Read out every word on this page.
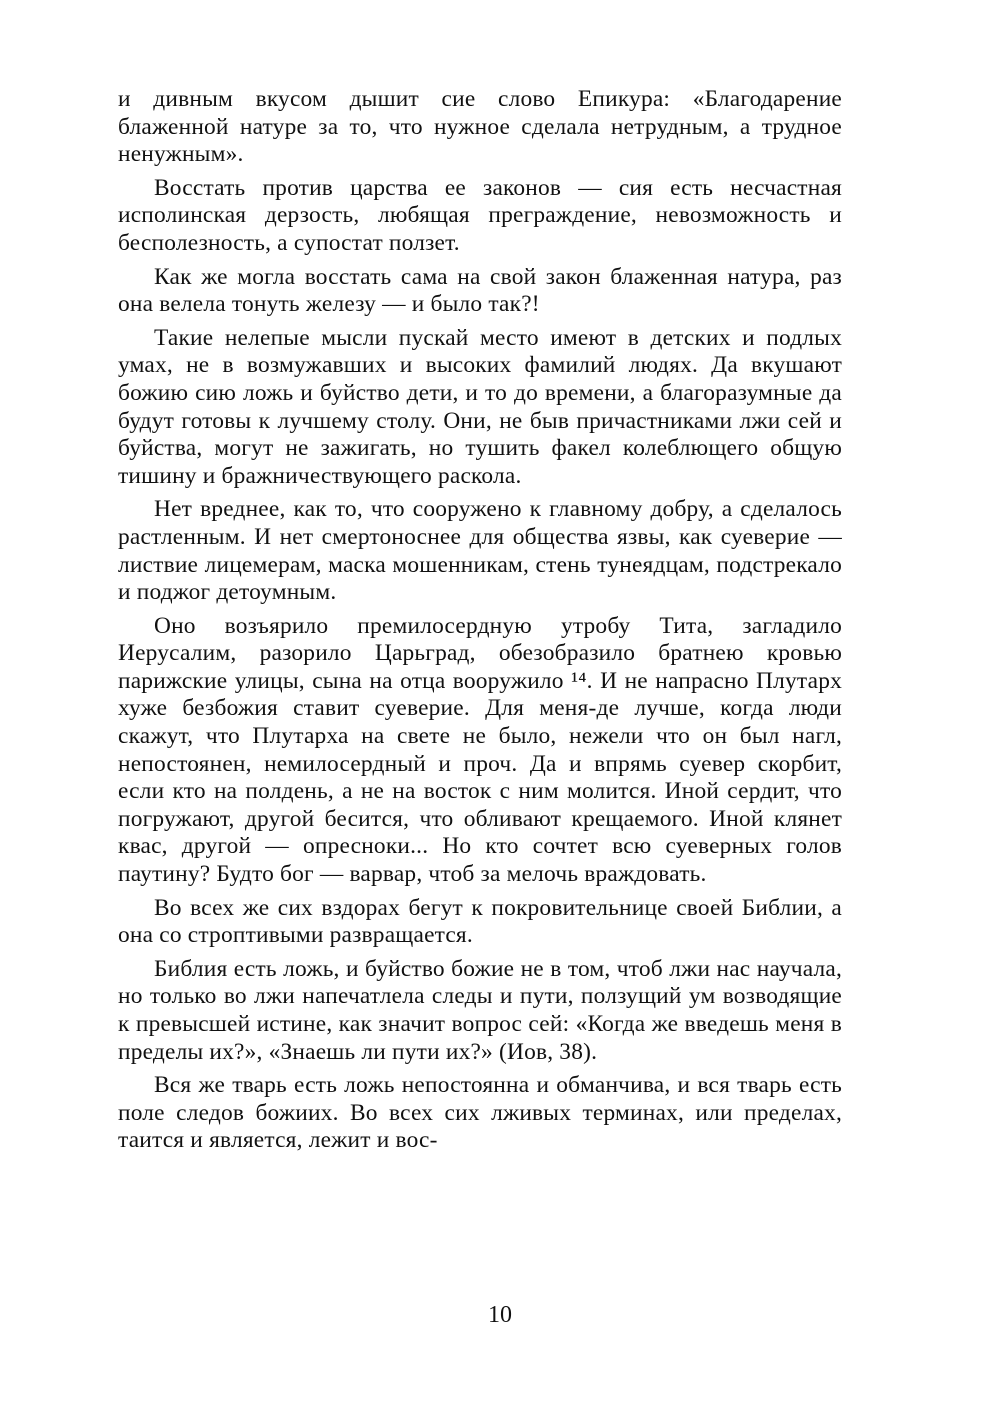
и дивным вкусом дышит сие слово Епикура: «Благодарение блаженной натуре за то, что нужное сделала нетрудным, а трудное ненужным».

Восстать против царства ее законов — сия есть несчастная исполинская дерзость, любящая преграждение, невозможность и бесполезность, а супостат ползет.

Как же могла восстать сама на свой закон блаженная натура, раз она велела тонуть железу — и было так?!

Такие нелепые мысли пускай место имеют в детских и подлых умах, не в возмужавших и высоких фамилий людях. Да вкушают божию сию ложь и буйство дети, и то до времени, а благоразумные да будут готовы к лучшему столу. Они, не быв причастниками лжи сей и буйства, могут не зажигать, но тушить факел колеблющего общую тишину и бражничествующего раскола.

Нет вреднее, как то, что сооружено к главному добру, а сделалось растленным. И нет смертоноснее для общества язвы, как суеверие — листвие лицемерам, маска мошенникам, стень тунеядцам, подстрекало и поджог детоумным.

Оно возъярило премилосердную утробу Тита, загладило Иерусалим, разорило Царьград, обезобразило братнею кровью парижские улицы, сына на отца вооружило ¹⁴. И не напрасно Плутарх хуже безбожия ставит суеверие. Для меня-де лучше, когда люди скажут, что Плутарха на свете не было, нежели что он был нагл, непостоянен, немилосердный и проч. Да и впрямь суевер скорбит, если кто на полдень, а не на восток с ним молится. Иной сердит, что погружают, другой бесится, что обливают крещаемого. Иной клянет квас, другой — опресноки... Но кто сочтет всю суеверных голов паутину? Будто бог — варвар, чтоб за мелочь враждовать.

Во всех же сих вздорах бегут к покровительнице своей Библии, а она со строптивыми развращается.

Библия есть ложь, и буйство божие не в том, чтоб лжи нас научала, но только во лжи напечатлела следы и пути, ползущий ум возводящие к превысшей истине, как значит вопрос сей: «Когда же введешь меня в пределы их?», «Знаешь ли пути их?» (Иов, 38).

Вся же тварь есть ложь непостоянна и обманчива, и вся тварь есть поле следов божиих. Во всех сих лживых терминах, или пределах, таится и является, лежит и вос-

10
